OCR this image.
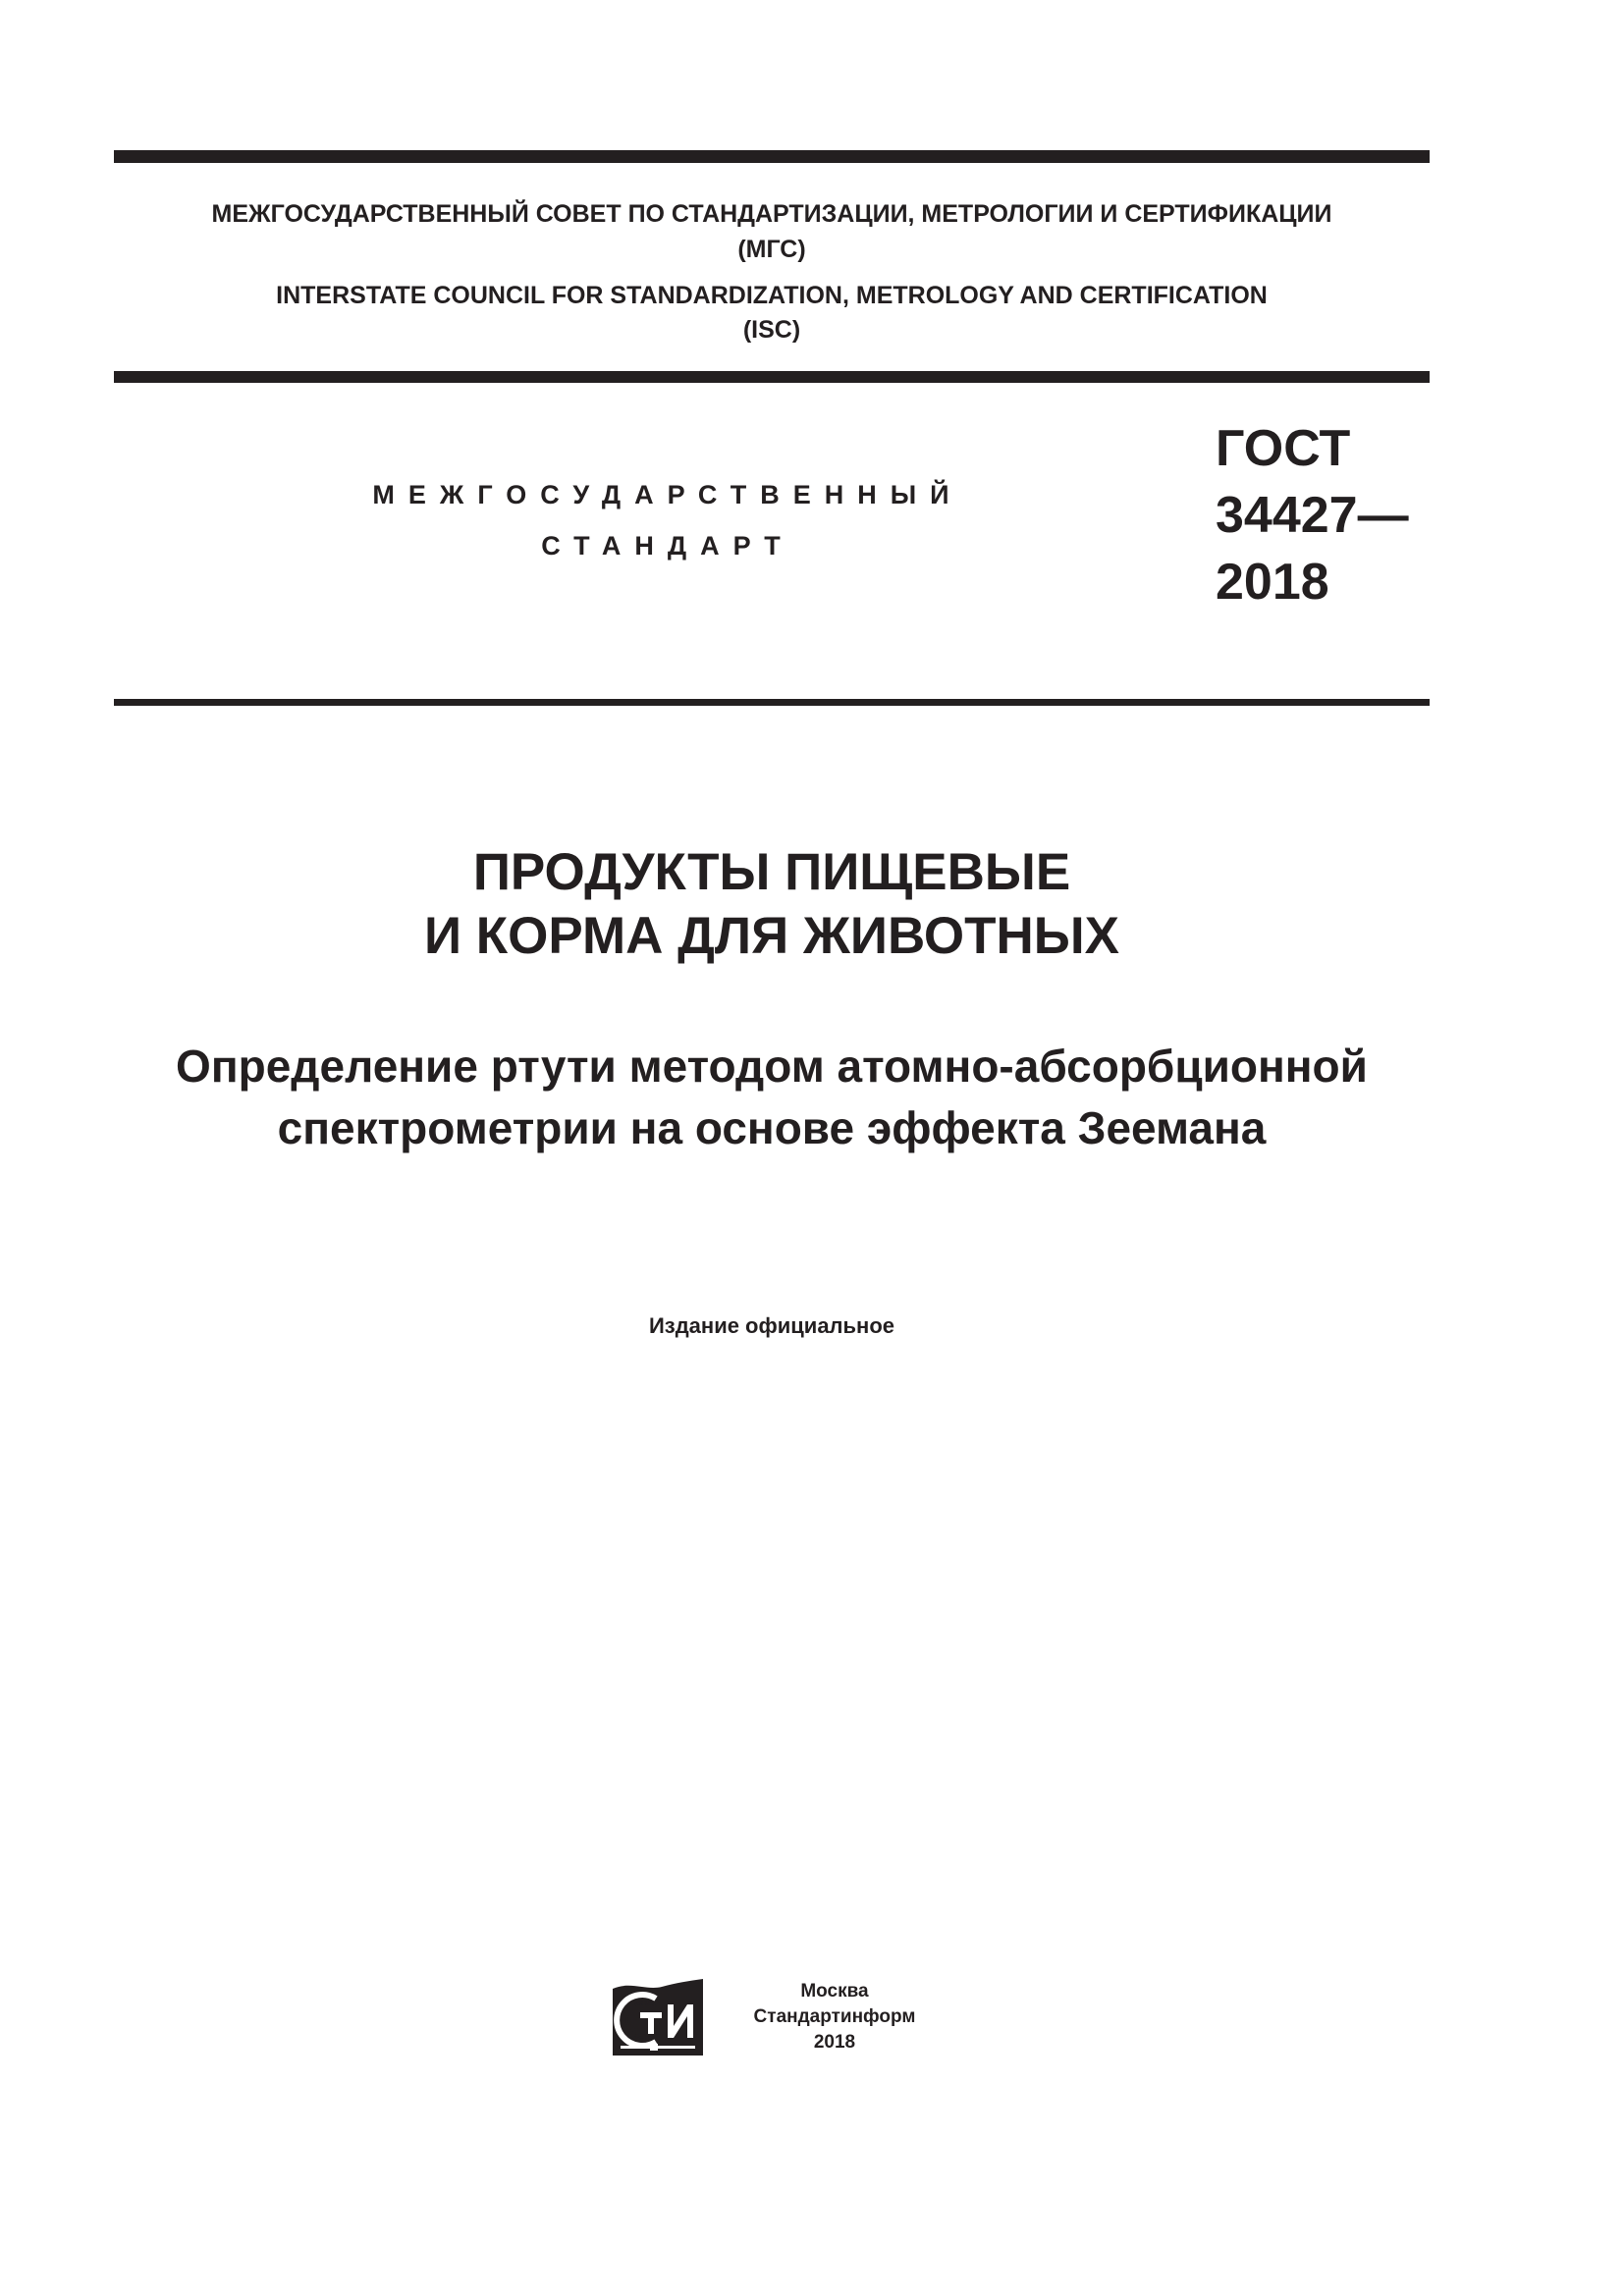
МЕЖГОСУДАРСТВЕННЫЙ СОВЕТ ПО СТАНДАРТИЗАЦИИ, МЕТРОЛОГИИ И СЕРТИФИКАЦИИ
(МГС)
INTERSTATE COUNCIL FOR STANDARDIZATION, METROLOGY AND CERTIFICATION
(ISC)
МЕЖГОСУДАРСТВЕННЫЙ
СТАНДАРТ
ГОСТ
34427—
2018
ПРОДУКТЫ ПИЩЕВЫЕ
И КОРМА ДЛЯ ЖИВОТНЫХ
Определение ртути методом атомно-абсорбционной
спектрометрии на основе эффекта Зеемана
Издание официальное
Москва
Стандартинформ
2018
